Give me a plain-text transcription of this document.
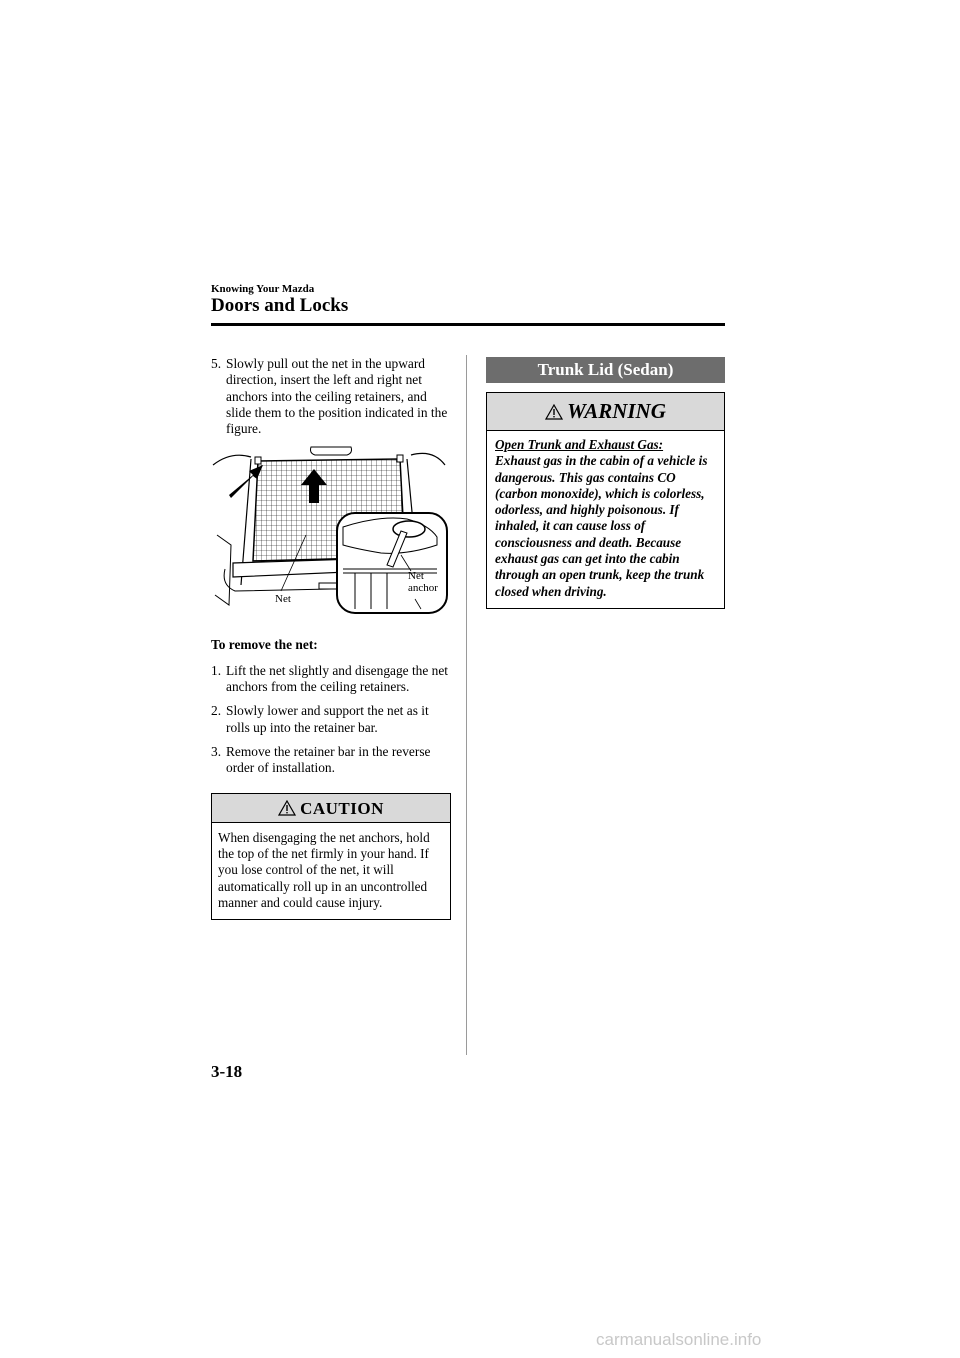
Knowing Your Mazda
Doors and Locks
5. Slowly pull out the net in the upward direction, insert the left and right net anchors into the ceiling retainers, and slide them to the position indicated in the figure.
Net
Net
anchor
To remove the net:
1. Lift the net slightly and disengage the net anchors from the ceiling retainers.
2. Slowly lower and support the net as it rolls up into the retainer bar.
3. Remove the retainer bar in the reverse order of installation.
CAUTION
When disengaging the net anchors, hold the top of the net firmly in your hand. If you lose control of the net, it will automatically roll up in an uncontrolled manner and could cause injury.
Trunk Lid (Sedan)
WARNING
Open Trunk and Exhaust Gas:
Exhaust gas in the cabin of a vehicle is dangerous. This gas contains CO (carbon monoxide), which is colorless, odorless, and highly poisonous. If inhaled, it can cause loss of consciousness and death. Because exhaust gas can get into the cabin through an open trunk, keep the trunk closed when driving.
3-18
carmanualsonline.info
